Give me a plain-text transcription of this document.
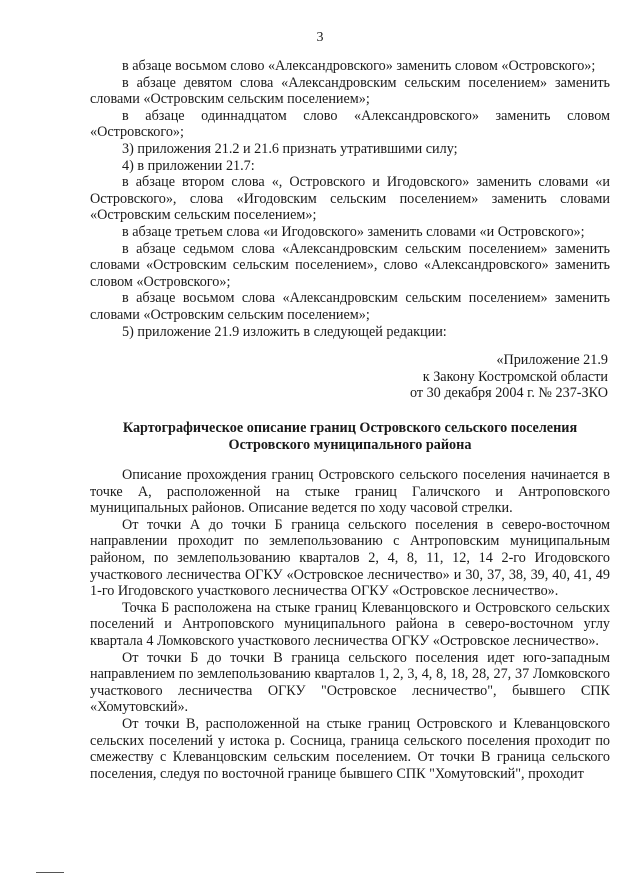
3

в абзаце восьмом слово «Александровского» заменить словом «Островского»;

в абзаце девятом слова «Александровским сельским поселением» заменить словами «Островским сельским поселением»;

в абзаце одиннадцатом слово «Александровского» заменить словом «Островского»;

3) приложения 21.2 и 21.6 признать утратившими силу;

4) в приложении 21.7:

в абзаце втором слова «, Островского и Игодовского» заменить словами «и Островского», слова «Игодовским сельским поселением» заменить словами «Островским сельским поселением»;

в абзаце третьем слова «и Игодовского» заменить словами «и Островского»;

в абзаце седьмом слова «Александровским сельским поселением» заменить словами «Островским сельским поселением», слово «Александровского» заменить словом «Островского»;

в абзаце восьмом слова «Александровским сельским поселением» заменить словами «Островским сельским поселением»;

5) приложение 21.9 изложить в следующей редакции:

«Приложение 21.9
к Закону Костромской области
от 30 декабря 2004 г. № 237-ЗКО
Картографическое описание границ Островского сельского поселения
Островского муниципального района

Описание прохождения границ Островского сельского поселения начинается в точке А, расположенной на стыке границ Галичского и Антроповского муниципальных районов. Описание ведется по ходу часовой стрелки.

От точки А до точки Б граница сельского поселения в северо-восточном направлении проходит по землепользованию с Антроповским муниципальным районом, по землепользованию кварталов 2, 4, 8, 11, 12, 14 2-го Игодовского участкового лесничества ОГКУ «Островское лесничество» и 30, 37, 38, 39, 40, 41, 49 1-го Игодовского участкового лесничества ОГКУ «Островское лесничество».

Точка Б расположена на стыке границ Клеванцовского и Островского сельских поселений и Антроповского муниципального района в северо-восточном углу квартала 4 Ломковского участкового лесничества ОГКУ «Островское лесничество».

От точки Б до точки В граница сельского поселения идет юго-западным направлением по землепользованию кварталов 1, 2, 3, 4, 8, 18, 28, 27, 37 Ломковского участкового лесничества ОГКУ "Островское лесничество", бывшего СПК «Хомутовский».

От точки В, расположенной на стыке границ Островского и Клеванцовского сельских поселений у истока р. Сосница, граница сельского поселения проходит по смежеству с Клеванцовским сельским поселением. От точки В граница сельского поселения, следуя по восточной границе бывшего СПК "Хомутовский", проходит
